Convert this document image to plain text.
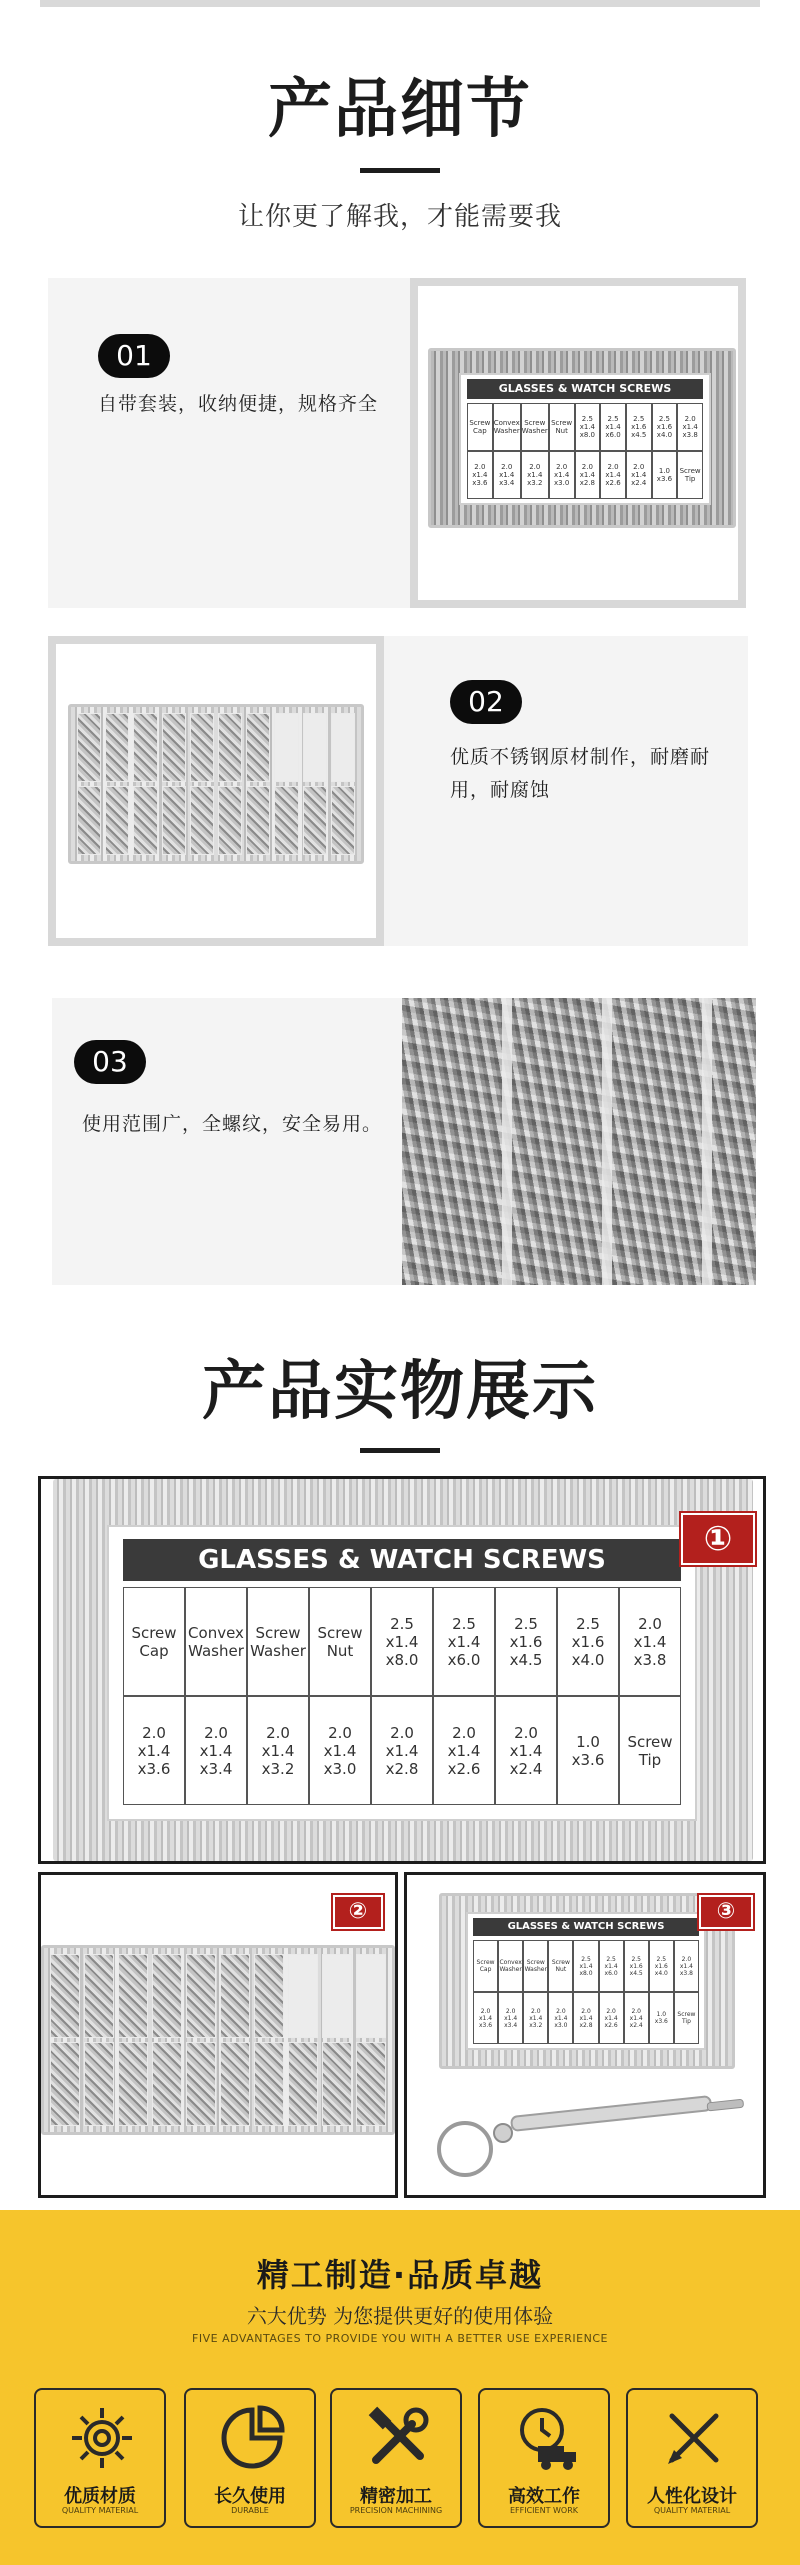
产品细节
让你更了解我，才能需要我
01
自带套装，收纳便捷，规格齐全
GLASSES & WATCH SCREWS
Screw Cap
Convex Washer
Screw Washer
Screw Nut
2.5 x1.4 x8.0
2.5 x1.4 x6.0
2.5 x1.6 x4.5
2.5 x1.6 x4.0
2.0 x1.4 x3.8
2.0 x1.4 x3.6
2.0 x1.4 x3.4
2.0 x1.4 x3.2
2.0 x1.4 x3.0
2.0 x1.4 x2.8
2.0 x1.4 x2.6
2.0 x1.4 x2.4
1.0 x3.6
Screw Tip
02
优质不锈钢原材制作，耐磨耐用，耐腐蚀
03
使用范围广，全螺纹，安全易用。
产品实物展示
GLASSES & WATCH SCREWS
Screw Cap
Convex Washer
Screw Washer
Screw Nut
2.5 x1.4 x8.0
2.5 x1.4 x6.0
2.5 x1.6 x4.5
2.5 x1.6 x4.0
2.0 x1.4 x3.8
2.0 x1.4 x3.6
2.0 x1.4 x3.4
2.0 x1.4 x3.2
2.0 x1.4 x3.0
2.0 x1.4 x2.8
2.0 x1.4 x2.6
2.0 x1.4 x2.4
1.0 x3.6
Screw Tip
①
②
GLASSES & WATCH SCREWS
Screw Cap
Convex Washer
Screw Washer
Screw Nut
2.5 x1.4 x8.0
2.5 x1.4 x6.0
2.5 x1.6 x4.5
2.5 x1.6 x4.0
2.0 x1.4 x3.8
2.0 x1.4 x3.6
2.0 x1.4 x3.4
2.0 x1.4 x3.2
2.0 x1.4 x3.0
2.0 x1.4 x2.8
2.0 x1.4 x2.6
2.0 x1.4 x2.4
1.0 x3.6
Screw Tip
③
精工制造·品质卓越
六大优势 为您提供更好的使用体验
FIVE ADVANTAGES TO PROVIDE YOU WITH A BETTER USE EXPERIENCE
优质材质
QUALITY MATERIAL
长久使用
DURABLE
精密加工
PRECISION MACHINING
高效工作
EFFICIENT WORK
人性化设计
QUALITY MATERIAL
